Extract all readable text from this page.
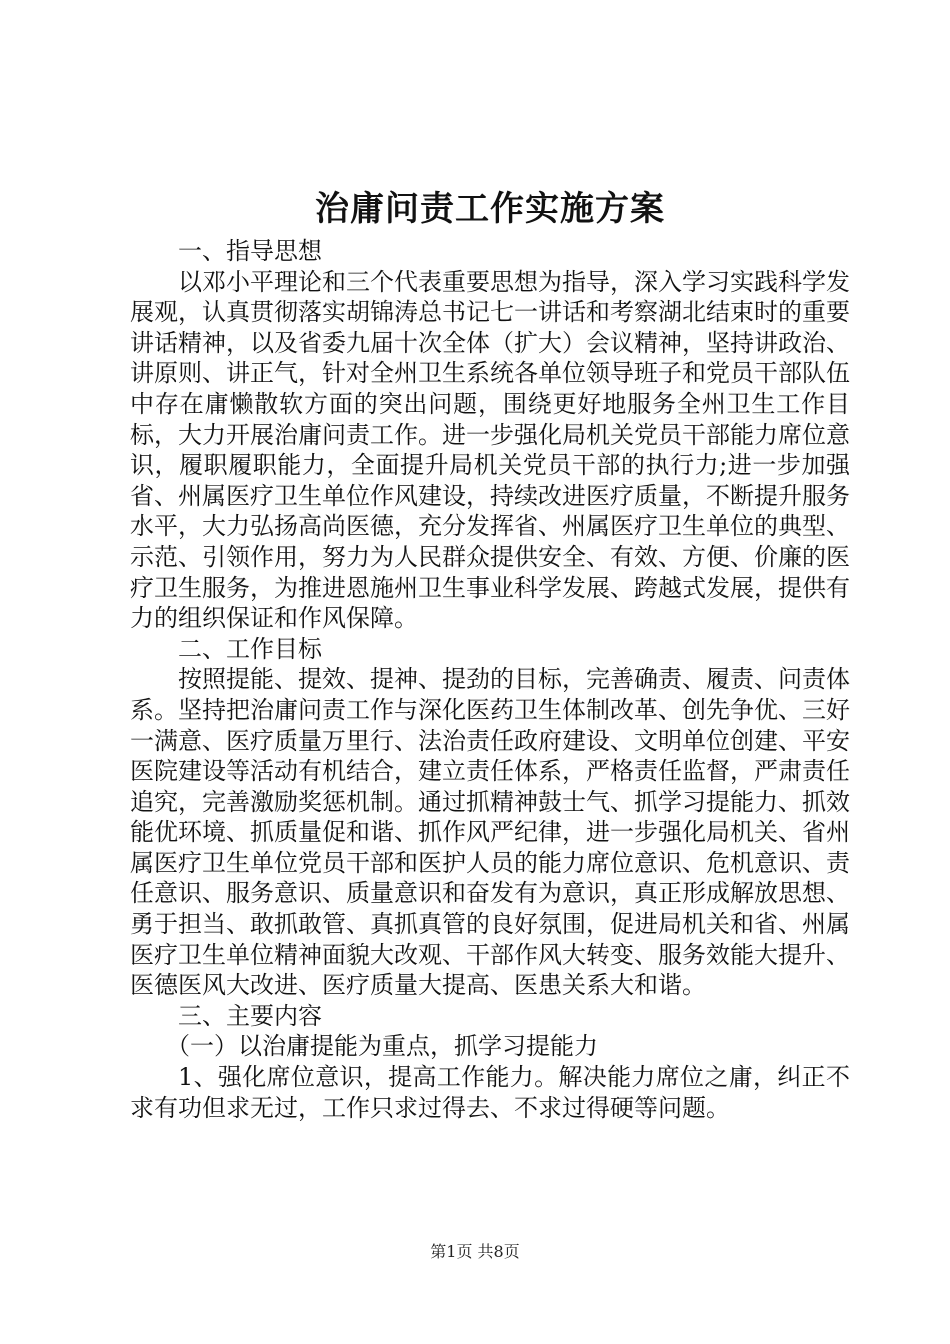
治庸问责工作实施方案

一、指导思想

以邓小平理论和三个代表重要思想为指导，深入学习实践科学发展观，认真贯彻落实胡锦涛总书记七一讲话和考察湖北结束时的重要讲话精神，以及省委九届十次全体（扩大）会议精神，坚持讲政治、讲原则、讲正气，针对全州卫生系统各单位领导班子和党员干部队伍中存在庸懒散软方面的突出问题，围绕更好地服务全州卫生工作目标，大力开展治庸问责工作。进一步强化局机关党员干部能力席位意识，履职履职能力，全面提升局机关党员干部的执行力;进一步加强省、州属医疗卫生单位作风建设，持续改进医疗质量，不断提升服务水平，大力弘扬高尚医德，充分发挥省、州属医疗卫生单位的典型、示范、引领作用，努力为人民群众提供安全、有效、方便、价廉的医疗卫生服务，为推进恩施州卫生事业科学发展、跨越式发展，提供有力的组织保证和作风保障。

二、工作目标

按照提能、提效、提神、提劲的目标，完善确责、履责、问责体系。坚持把治庸问责工作与深化医药卫生体制改革、创先争优、三好一满意、医疗质量万里行、法治责任政府建设、文明单位创建、平安医院建设等活动有机结合，建立责任体系，严格责任监督，严肃责任追究，完善激励奖惩机制。通过抓精神鼓士气、抓学习提能力、抓效能优环境、抓质量促和谐、抓作风严纪律，进一步强化局机关、省州属医疗卫生单位党员干部和医护人员的能力席位意识、危机意识、责任意识、服务意识、质量意识和奋发有为意识，真正形成解放思想、勇于担当、敢抓敢管、真抓真管的良好氛围，促进局机关和省、州属医疗卫生单位精神面貌大改观、干部作风大转变、服务效能大提升、医德医风大改进、医疗质量大提高、医患关系大和谐。

三、主要内容

（一）以治庸提能为重点，抓学习提能力

1、强化席位意识，提高工作能力。解决能力席位之庸，纠正不求有功但求无过，工作只求过得去、不求过得硬等问题。

第1页 共8页
